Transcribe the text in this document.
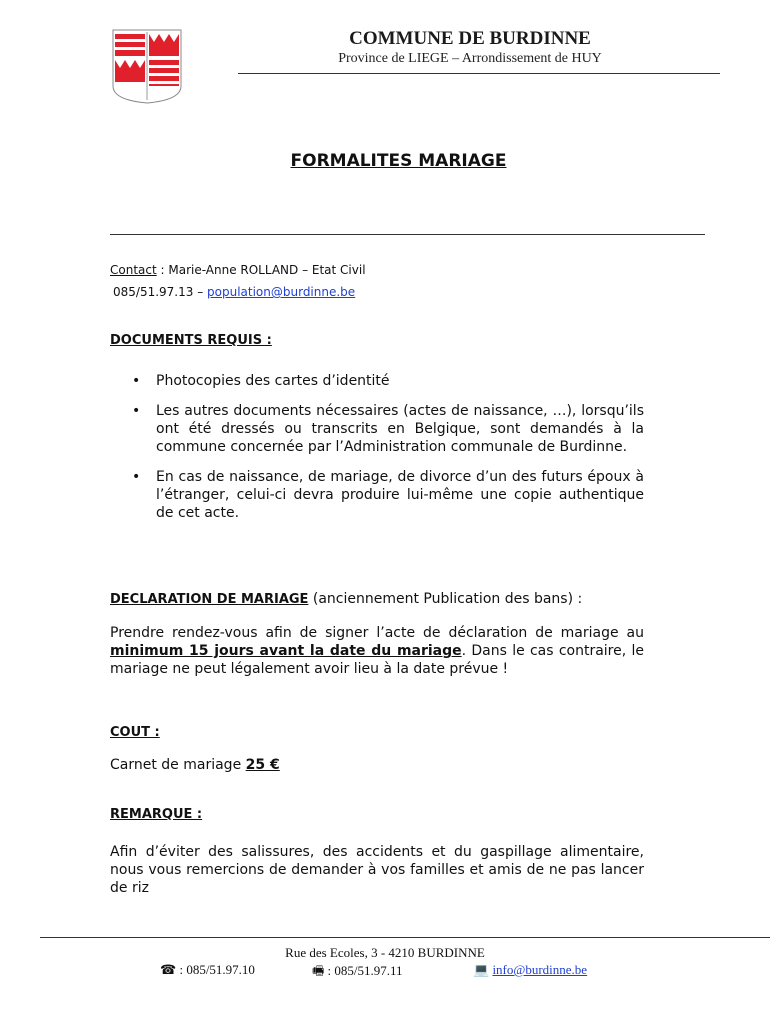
COMMUNE DE BURDINNE
Province de LIEGE – Arrondissement de HUY
FORMALITES MARIAGE
Contact : Marie-Anne ROLLAND – Etat Civil
085/51.97.13 – population@burdinne.be
DOCUMENTS REQUIS :
• Photocopies des cartes d’identité
• Les autres documents nécessaires (actes de naissance, …), lorsqu’ils ont été dressés ou transcrits en Belgique, sont demandés à la commune concernée par l’Administration communale de Burdinne.
• En cas de naissance, de mariage, de divorce d’un des futurs époux à l’étranger, celui-ci devra produire lui-même une copie authentique de cet acte.
DECLARATION DE MARIAGE (anciennement Publication des bans) :
Prendre rendez-vous afin de signer l’acte de déclaration de mariage au minimum 15 jours avant la date du mariage. Dans le cas contraire, le mariage ne peut légalement avoir lieu à la date prévue !
COUT :
Carnet de mariage 25 €
REMARQUE :
Afin d’éviter des salissures, des accidents et du gaspillage alimentaire, nous vous remercions de demander à vos familles et amis de ne pas lancer de riz
Rue des Ecoles, 3 - 4210 BURDINNE
☎ : 085/51.97.10	🖷 : 085/51.97.11	💻 info@burdinne.be
